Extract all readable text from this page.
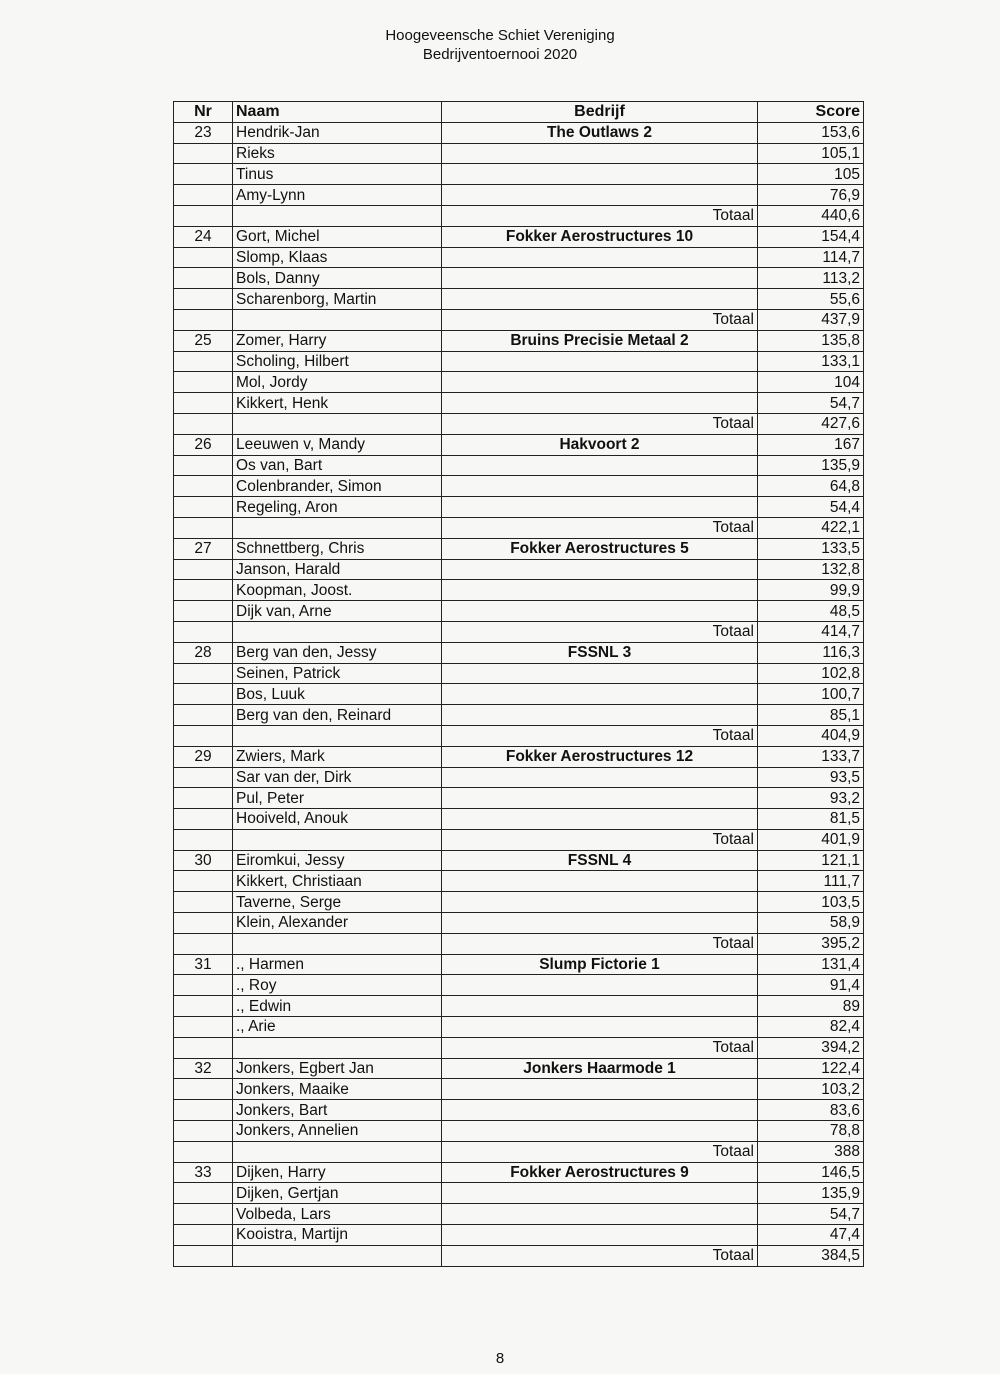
Hoogeveensche Schiet Vereniging
Bedrijventoernooi 2020
Nr	Naam	Bedrijf	Score
23	Hendrik-Jan	The Outlaws 2	153,6
	Rieks		105,1
	Tinus		105
	Amy-Lynn		76,9
		Totaal	440,6
24	Gort, Michel	Fokker Aerostructures 10	154,4
	Slomp, Klaas		114,7
	Bols, Danny		113,2
	Scharenborg, Martin		55,6
		Totaal	437,9
25	Zomer, Harry	Bruins Precisie Metaal 2	135,8
	Scholing, Hilbert		133,1
	Mol, Jordy		104
	Kikkert, Henk		54,7
		Totaal	427,6
26	Leeuwen v, Mandy	Hakvoort 2	167
	Os van, Bart		135,9
	Colenbrander, Simon		64,8
	Regeling, Aron		54,4
		Totaal	422,1
27	Schnettberg, Chris	Fokker Aerostructures 5	133,5
	Janson, Harald		132,8
	Koopman, Joost.		99,9
	Dijk van, Arne		48,5
		Totaal	414,7
28	Berg van den, Jessy	FSSNL 3	116,3
	Seinen, Patrick		102,8
	Bos, Luuk		100,7
	Berg van den, Reinard		85,1
		Totaal	404,9
29	Zwiers, Mark	Fokker Aerostructures 12	133,7
	Sar van der, Dirk		93,5
	Pul, Peter		93,2
	Hooiveld, Anouk		81,5
		Totaal	401,9
30	Eiromkui, Jessy	FSSNL 4	121,1
	Kikkert, Christiaan		111,7
	Taverne, Serge		103,5
	Klein, Alexander		58,9
		Totaal	395,2
31	., Harmen	Slump Fictorie 1	131,4
	., Roy		91,4
	., Edwin		89
	., Arie		82,4
		Totaal	394,2
32	Jonkers, Egbert Jan	Jonkers Haarmode 1	122,4
	Jonkers, Maaike		103,2
	Jonkers, Bart		83,6
	Jonkers, Annelien		78,8
		Totaal	388
33	Dijken, Harry	Fokker Aerostructures 9	146,5
	Dijken, Gertjan		135,9
	Volbeda, Lars		54,7
	Kooistra, Martijn		47,4
		Totaal	384,5
8
